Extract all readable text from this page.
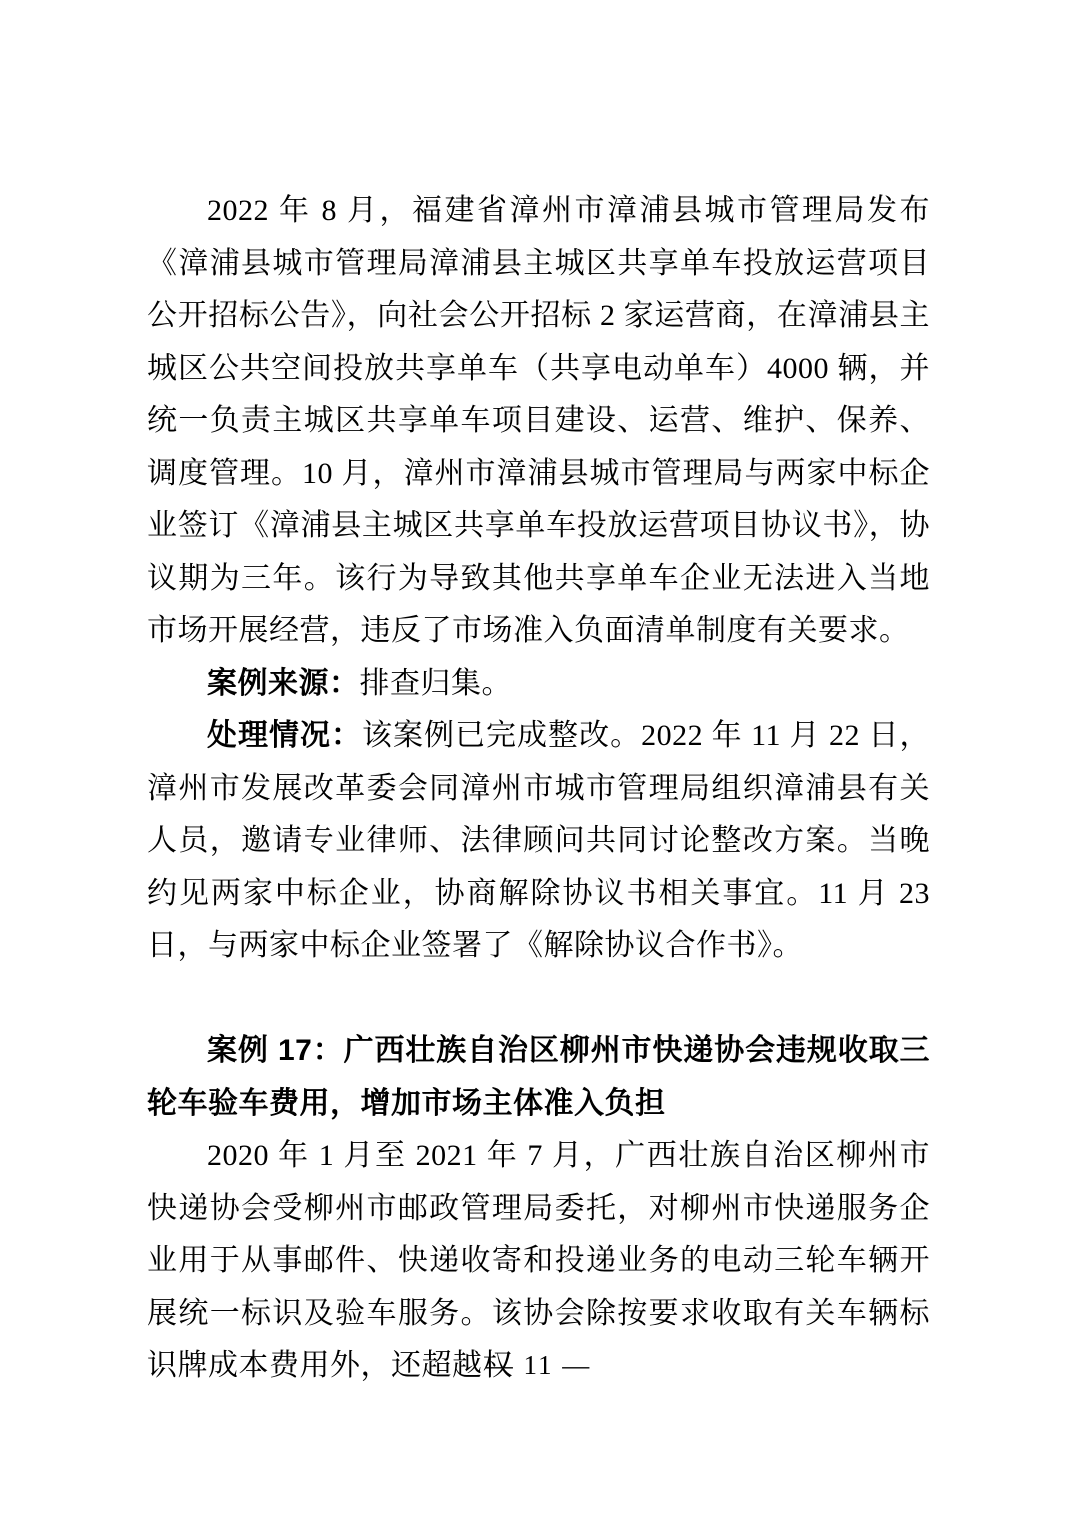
2022 年 8 月，福建省漳州市漳浦县城市管理局发布《漳浦县城市管理局漳浦县主城区共享单车投放运营项目公开招标公告》，向社会公开招标 2 家运营商，在漳浦县主城区公共空间投放共享单车（共享电动单车）4000 辆，并统一负责主城区共享单车项目建设、运营、维护、保养、调度管理。10 月，漳州市漳浦县城市管理局与两家中标企业签订《漳浦县主城区共享单车投放运营项目协议书》，协议期为三年。该行为导致其他共享单车企业无法进入当地市场开展经营，违反了市场准入负面清单制度有关要求。

案例来源：排查归集。

处理情况：该案例已完成整改。2022 年 11 月 22 日，漳州市发展改革委会同漳州市城市管理局组织漳浦县有关人员，邀请专业律师、法律顾问共同讨论整改方案。当晚约见两家中标企业，协商解除协议书相关事宜。11 月 23 日，与两家中标企业签署了《解除协议合作书》。

案例 17：广西壮族自治区柳州市快递协会违规收取三轮车验车费用，增加市场主体准入负担

2020 年 1 月至 2021 年 7 月，广西壮族自治区柳州市快递协会受柳州市邮政管理局委托，对柳州市快递服务企业用于从事邮件、快递收寄和投递业务的电动三轮车辆开展统一标识及验车服务。该协会除按要求收取有关车辆标识牌成本费用外，还超越权

— 11 —
